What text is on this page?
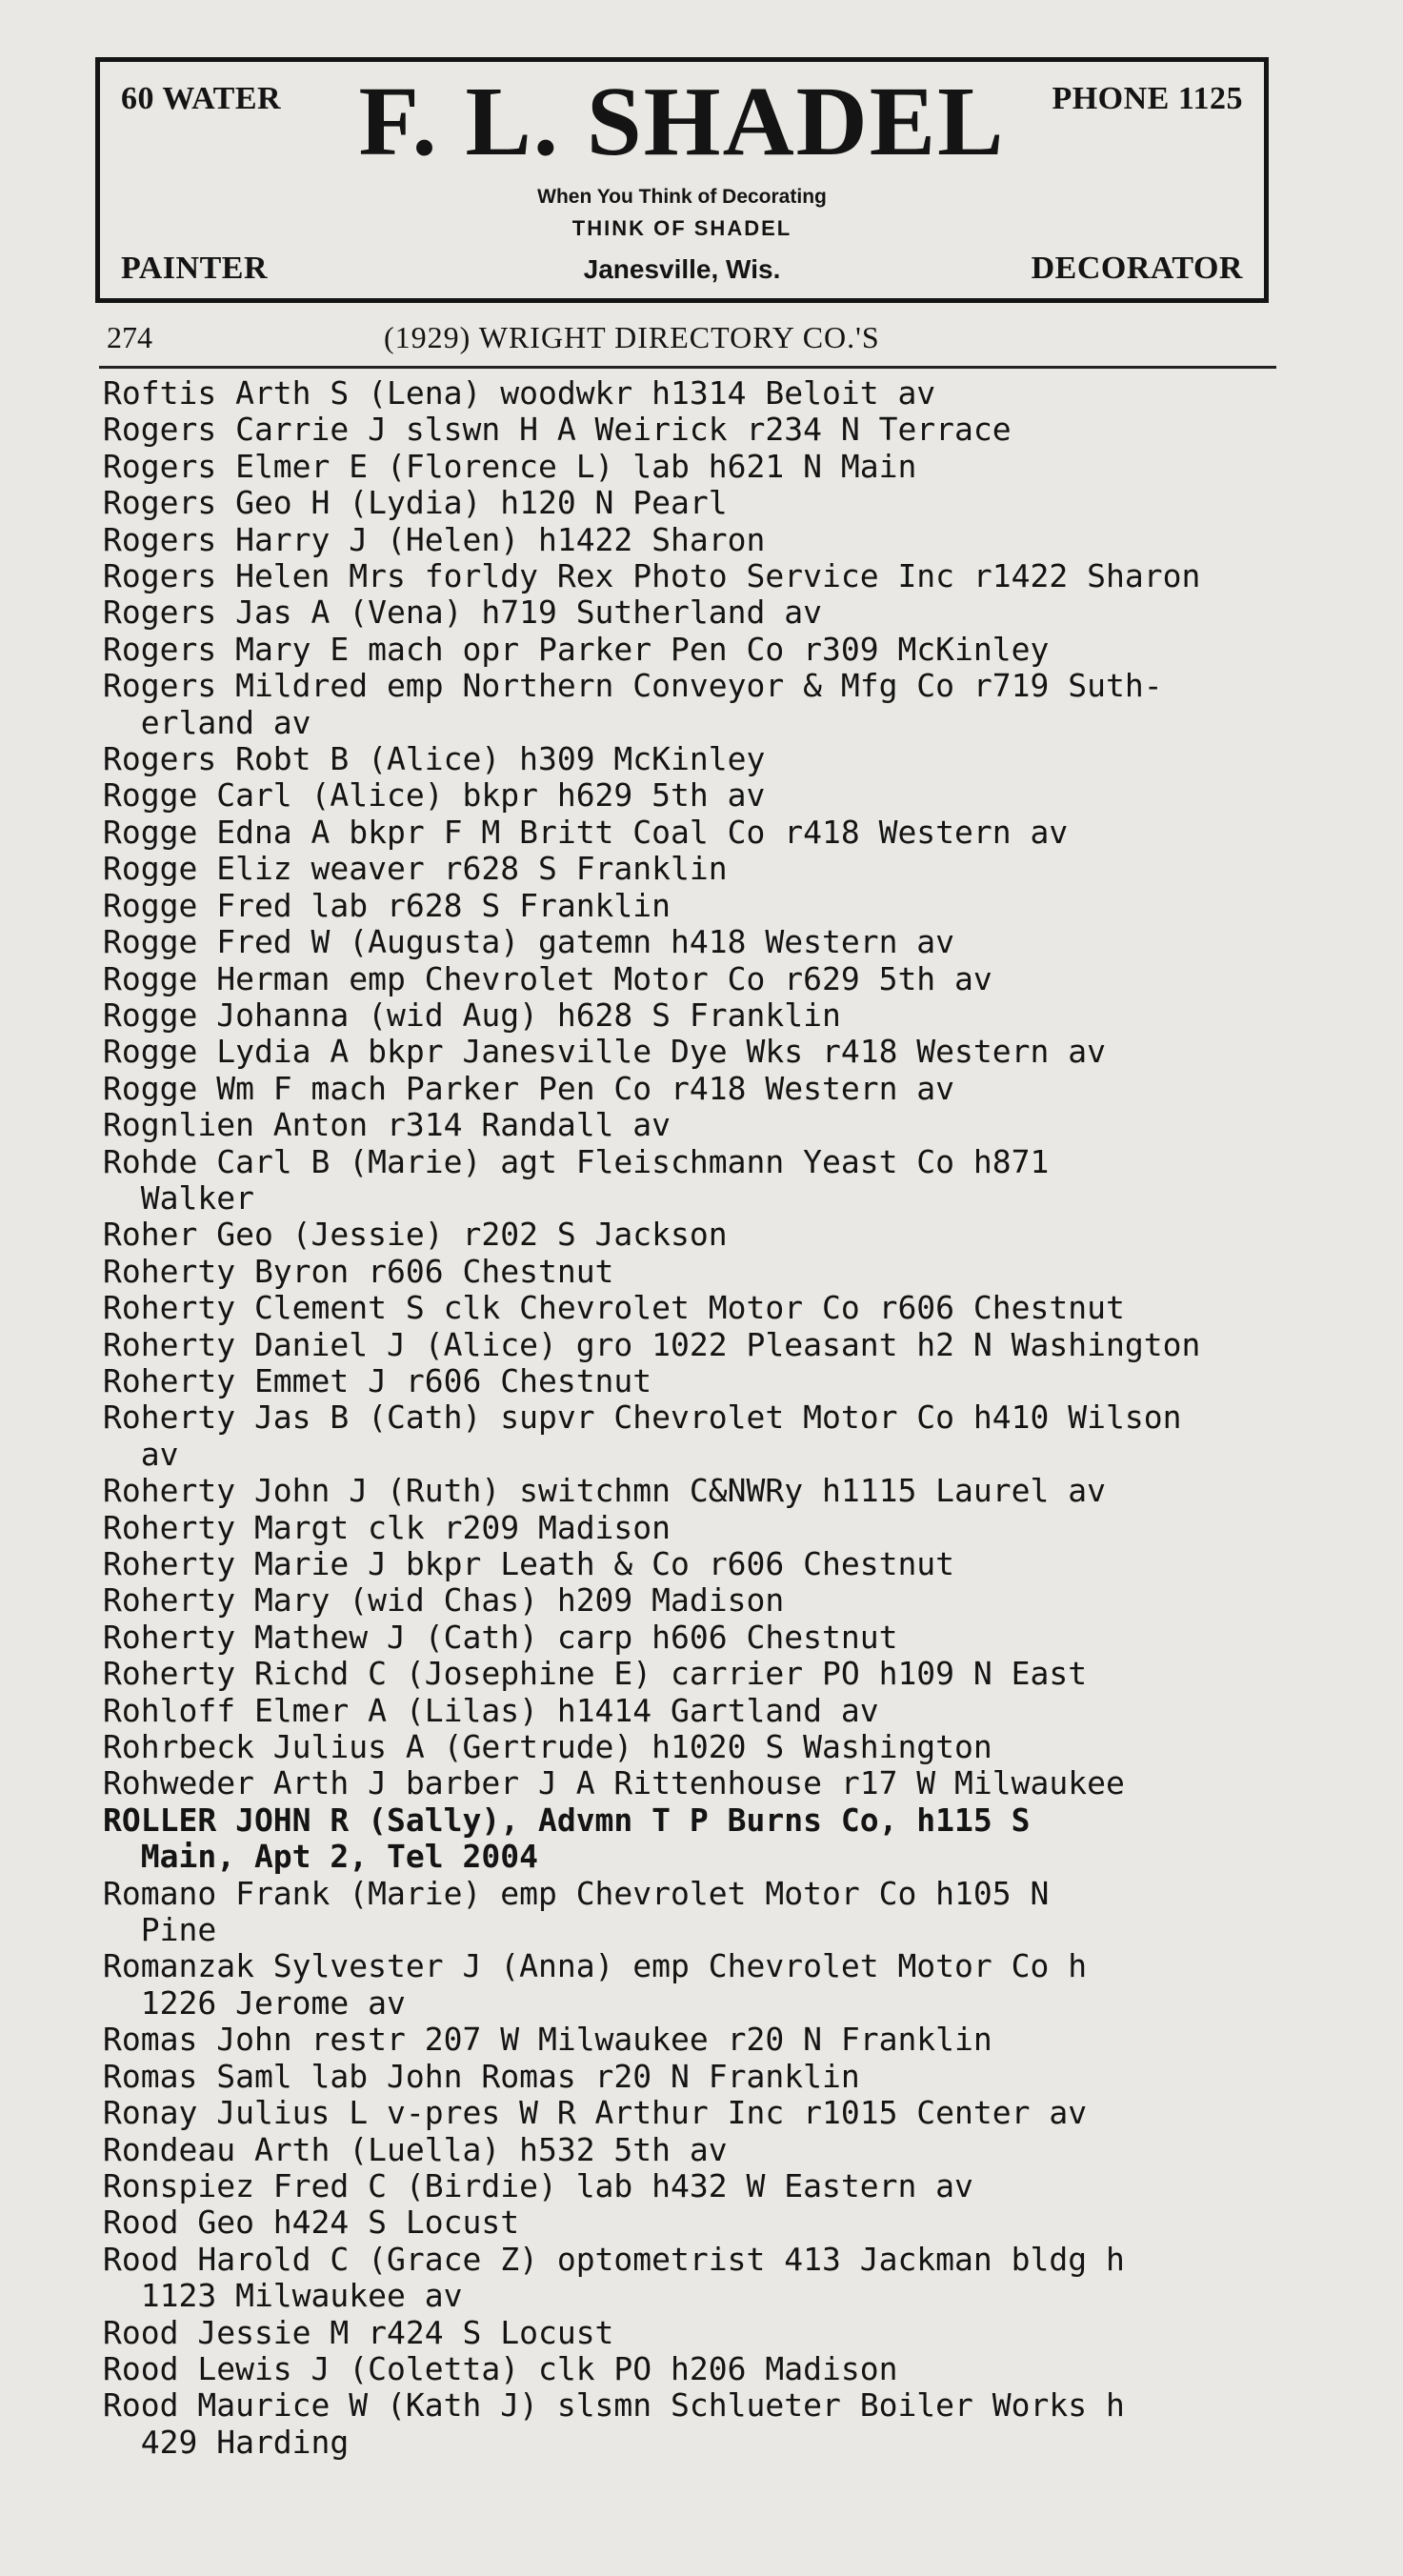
60 WATER	PHONE 1125
F. L. SHADEL
When You Think of Decorating
THINK OF SHADEL
Janesville, Wis.
PAINTER	DECORATOR
274	(1929) WRIGHT DIRECTORY CO.'S
Roftis Arth S (Lena) woodwkr h1314 Beloit av
Rogers Carrie J slswn H A Weirick r234 N Terrace
Rogers Elmer E (Florence L) lab h621 N Main
Rogers Geo H (Lydia) h120 N Pearl
Rogers Harry J (Helen) h1422 Sharon
Rogers Helen Mrs forldy Rex Photo Service Inc r1422 Sharon
Rogers Jas A (Vena) h719 Sutherland av
Rogers Mary E mach opr Parker Pen Co r309 McKinley
Rogers Mildred emp Northern Conveyor & Mfg Co r719 Suth-
erland av
Rogers Robt B (Alice) h309 McKinley
Rogge Carl (Alice) bkpr h629 5th av
Rogge Edna A bkpr F M Britt Coal Co r418 Western av
Rogge Eliz weaver r628 S Franklin
Rogge Fred lab r628 S Franklin
Rogge Fred W (Augusta) gatemn h418 Western av
Rogge Herman emp Chevrolet Motor Co r629 5th av
Rogge Johanna (wid Aug) h628 S Franklin
Rogge Lydia A bkpr Janesville Dye Wks r418 Western av
Rogge Wm F mach Parker Pen Co r418 Western av
Rognlien Anton r314 Randall av
Rohde Carl B (Marie) agt Fleischmann Yeast Co h871
Walker
Roher Geo (Jessie) r202 S Jackson
Roherty Byron r606 Chestnut
Roherty Clement S clk Chevrolet Motor Co r606 Chestnut
Roherty Daniel J (Alice) gro 1022 Pleasant h2 N Washington
Roherty Emmet J r606 Chestnut
Roherty Jas B (Cath) supvr Chevrolet Motor Co h410 Wilson
av
Roherty John J (Ruth) switchmn C&NWRy h1115 Laurel av
Roherty Margt clk r209 Madison
Roherty Marie J bkpr Leath & Co r606 Chestnut
Roherty Mary (wid Chas) h209 Madison
Roherty Mathew J (Cath) carp h606 Chestnut
Roherty Richd C (Josephine E) carrier PO h109 N East
Rohloff Elmer A (Lilas) h1414 Gartland av
Rohrbeck Julius A (Gertrude) h1020 S Washington
Rohweder Arth J barber J A Rittenhouse r17 W Milwaukee
ROLLER JOHN R (Sally), Advmn T P Burns Co, h115 S
Main, Apt 2, Tel 2004
Romano Frank (Marie) emp Chevrolet Motor Co h105 N
Pine
Romanzak Sylvester J (Anna) emp Chevrolet Motor Co h
1226 Jerome av
Romas John restr 207 W Milwaukee r20 N Franklin
Romas Saml lab John Romas r20 N Franklin
Ronay Julius L v-pres W R Arthur Inc r1015 Center av
Rondeau Arth (Luella) h532 5th av
Ronspiez Fred C (Birdie) lab h432 W Eastern av
Rood Geo h424 S Locust
Rood Harold C (Grace Z) optometrist 413 Jackman bldg h
1123 Milwaukee av
Rood Jessie M r424 S Locust
Rood Lewis J (Coletta) clk PO h206 Madison
Rood Maurice W (Kath J) slsmn Schlueter Boiler Works h
429 Harding
